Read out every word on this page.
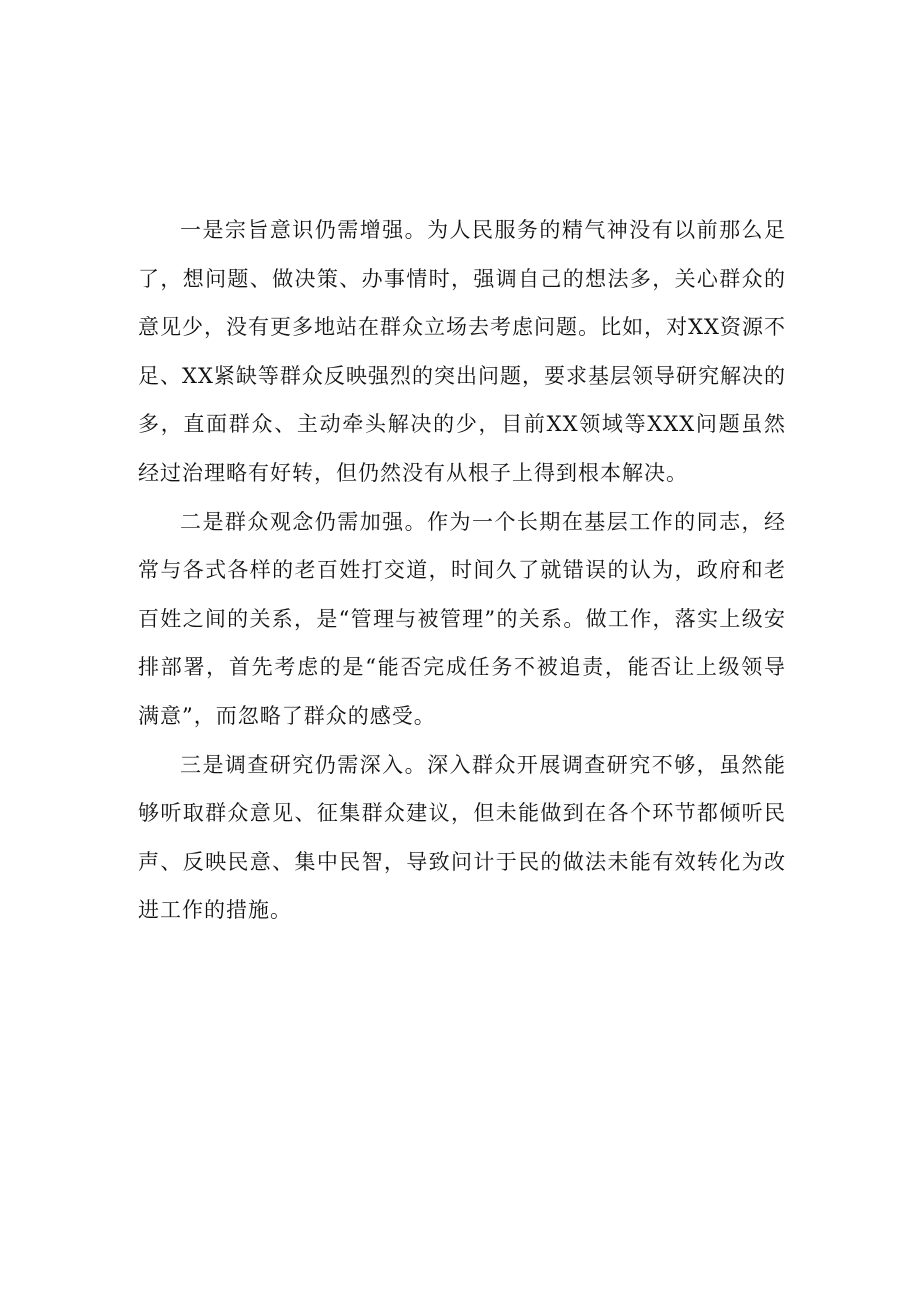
一是宗旨意识仍需增强。为人民服务的精气神没有以前那么足了，想问题、做决策、办事情时，强调自己的想法多，关心群众的意见少，没有更多地站在群众立场去考虑问题。比如，对XX资源不足、XX紧缺等群众反映强烈的突出问题，要求基层领导研究解决的多，直面群众、主动牵头解决的少，目前XX领域等XXX问题虽然经过治理略有好转，但仍然没有从根子上得到根本解决。

二是群众观念仍需加强。作为一个长期在基层工作的同志，经常与各式各样的老百姓打交道，时间久了就错误的认为，政府和老百姓之间的关系，是“管理与被管理”的关系。做工作，落实上级安排部署，首先考虑的是“能否完成任务不被追责，能否让上级领导满意”，而忽略了群众的感受。

三是调查研究仍需深入。深入群众开展调查研究不够，虽然能够听取群众意见、征集群众建议，但未能做到在各个环节都倾听民声、反映民意、集中民智，导致问计于民的做法未能有效转化为改进工作的措施。
